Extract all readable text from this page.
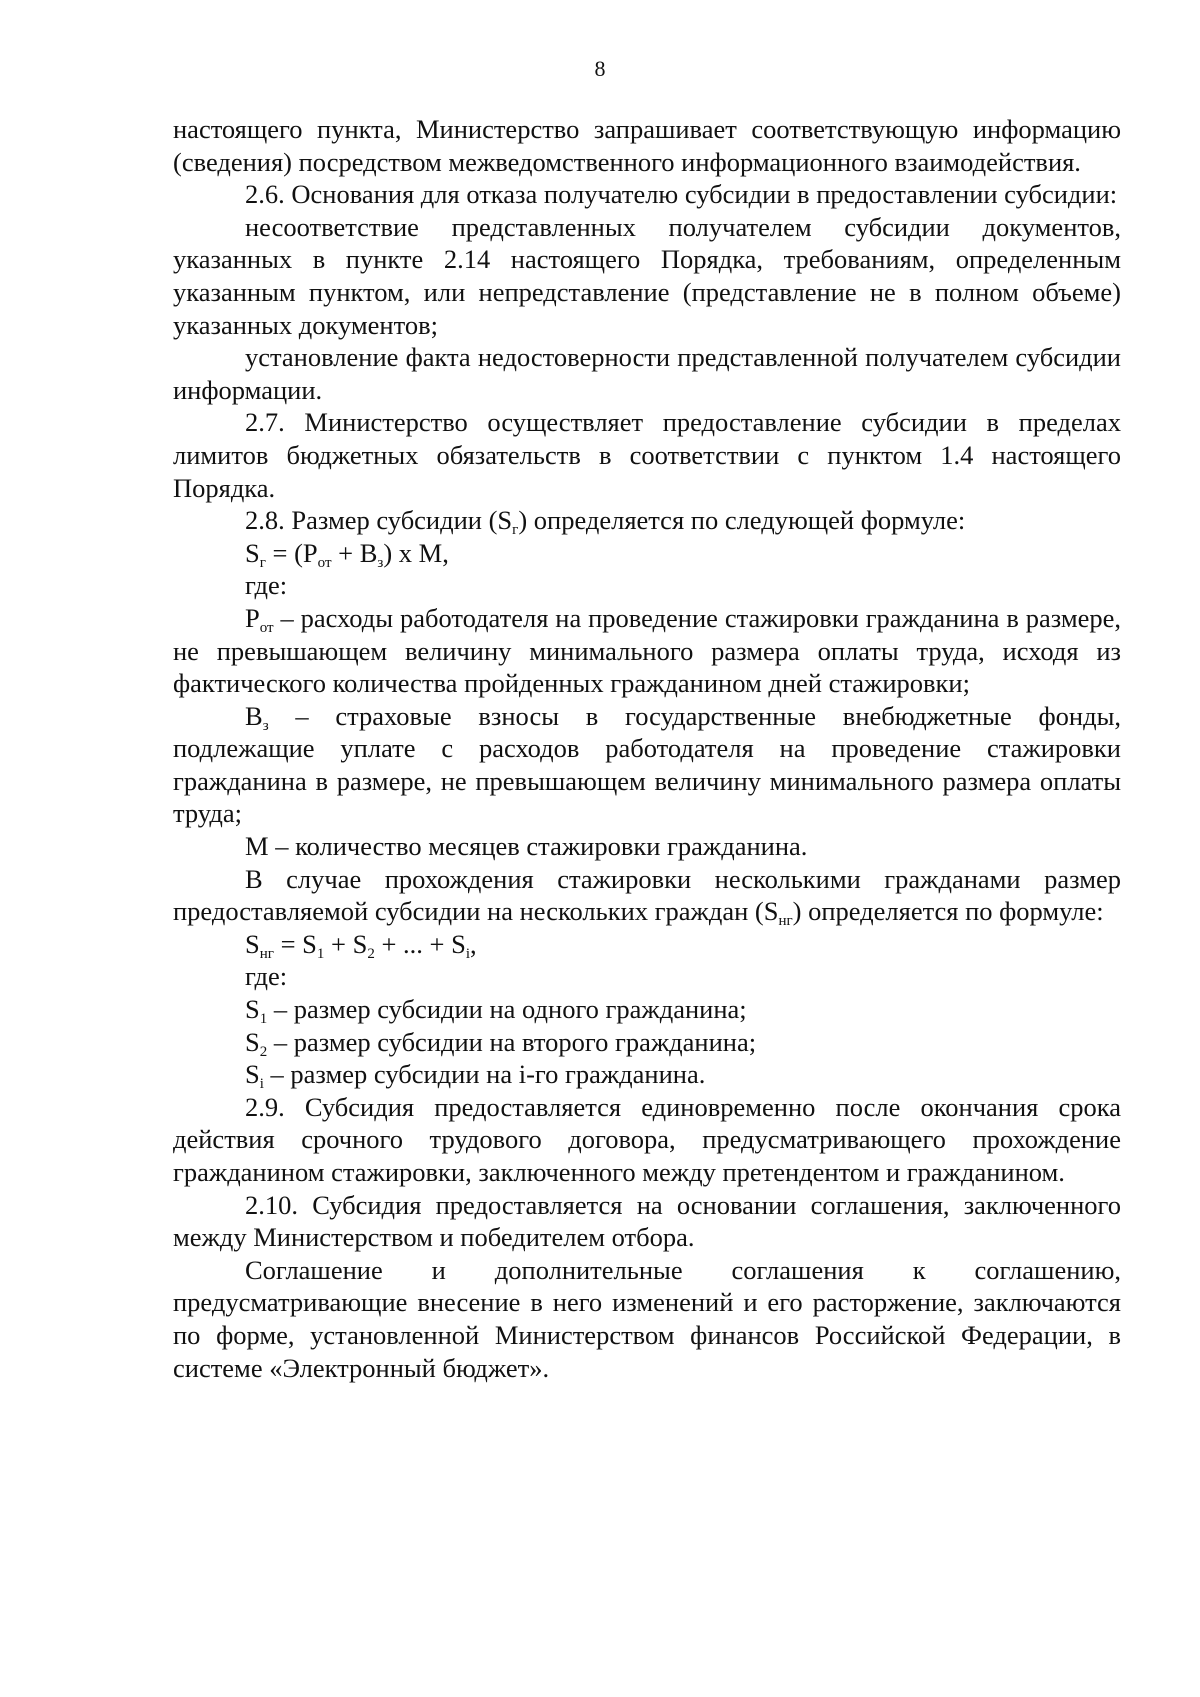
8

настоящего пункта, Министерство запрашивает соответствующую информацию (сведения) посредством межведомственного информационного взаимодействия.

2.6. Основания для отказа получателю субсидии в предоставлении субсидии:

несоответствие представленных получателем субсидии документов, указанных в пункте 2.14 настоящего Порядка, требованиям, определенным указанным пунктом, или непредставление (представление не в полном объеме) указанных документов;

установление факта недостоверности представленной получателем субсидии информации.

2.7. Министерство осуществляет предоставление субсидии в пределах лимитов бюджетных обязательств в соответствии с пунктом 1.4 настоящего Порядка.

2.8. Размер субсидии $(S_г)$ определяется по следующей формуле:

$S_г = (P_{от} + B_з)$ x M,

где:

$P_{от}$ – расходы работодателя на проведение стажировки гражданина в размере, не превышающем величину минимального размера оплаты труда, исходя из фактического количества пройденных гражданином дней стажировки;

$B_з$ – страховые взносы в государственные внебюджетные фонды, подлежащие уплате с расходов работодателя на проведение стажировки гражданина в размере, не превышающем величину минимального размера оплаты труда;

M – количество месяцев стажировки гражданина.

В случае прохождения стажировки несколькими гражданами размер предоставляемой субсидии на нескольких граждан $(S_{нг})$ определяется по формуле:

$S_{нг} = S_1 + S_2$ + ... + $S_i$,

где:

$S_1$ – размер субсидии на одного гражданина;

$S_2$ – размер субсидии на второго гражданина;

$S_i$ – размер субсидии на i-го гражданина.

2.9. Субсидия предоставляется единовременно после окончания срока действия срочного трудового договора, предусматривающего прохождение гражданином стажировки, заключенного между претендентом и гражданином.

2.10. Субсидия предоставляется на основании соглашения, заключенного между Министерством и победителем отбора.

Соглашение и дополнительные соглашения к соглашению, предусматривающие внесение в него изменений и его расторжение, заключаются по форме, установленной Министерством финансов Российской Федерации, в системе «Электронный бюджет».
